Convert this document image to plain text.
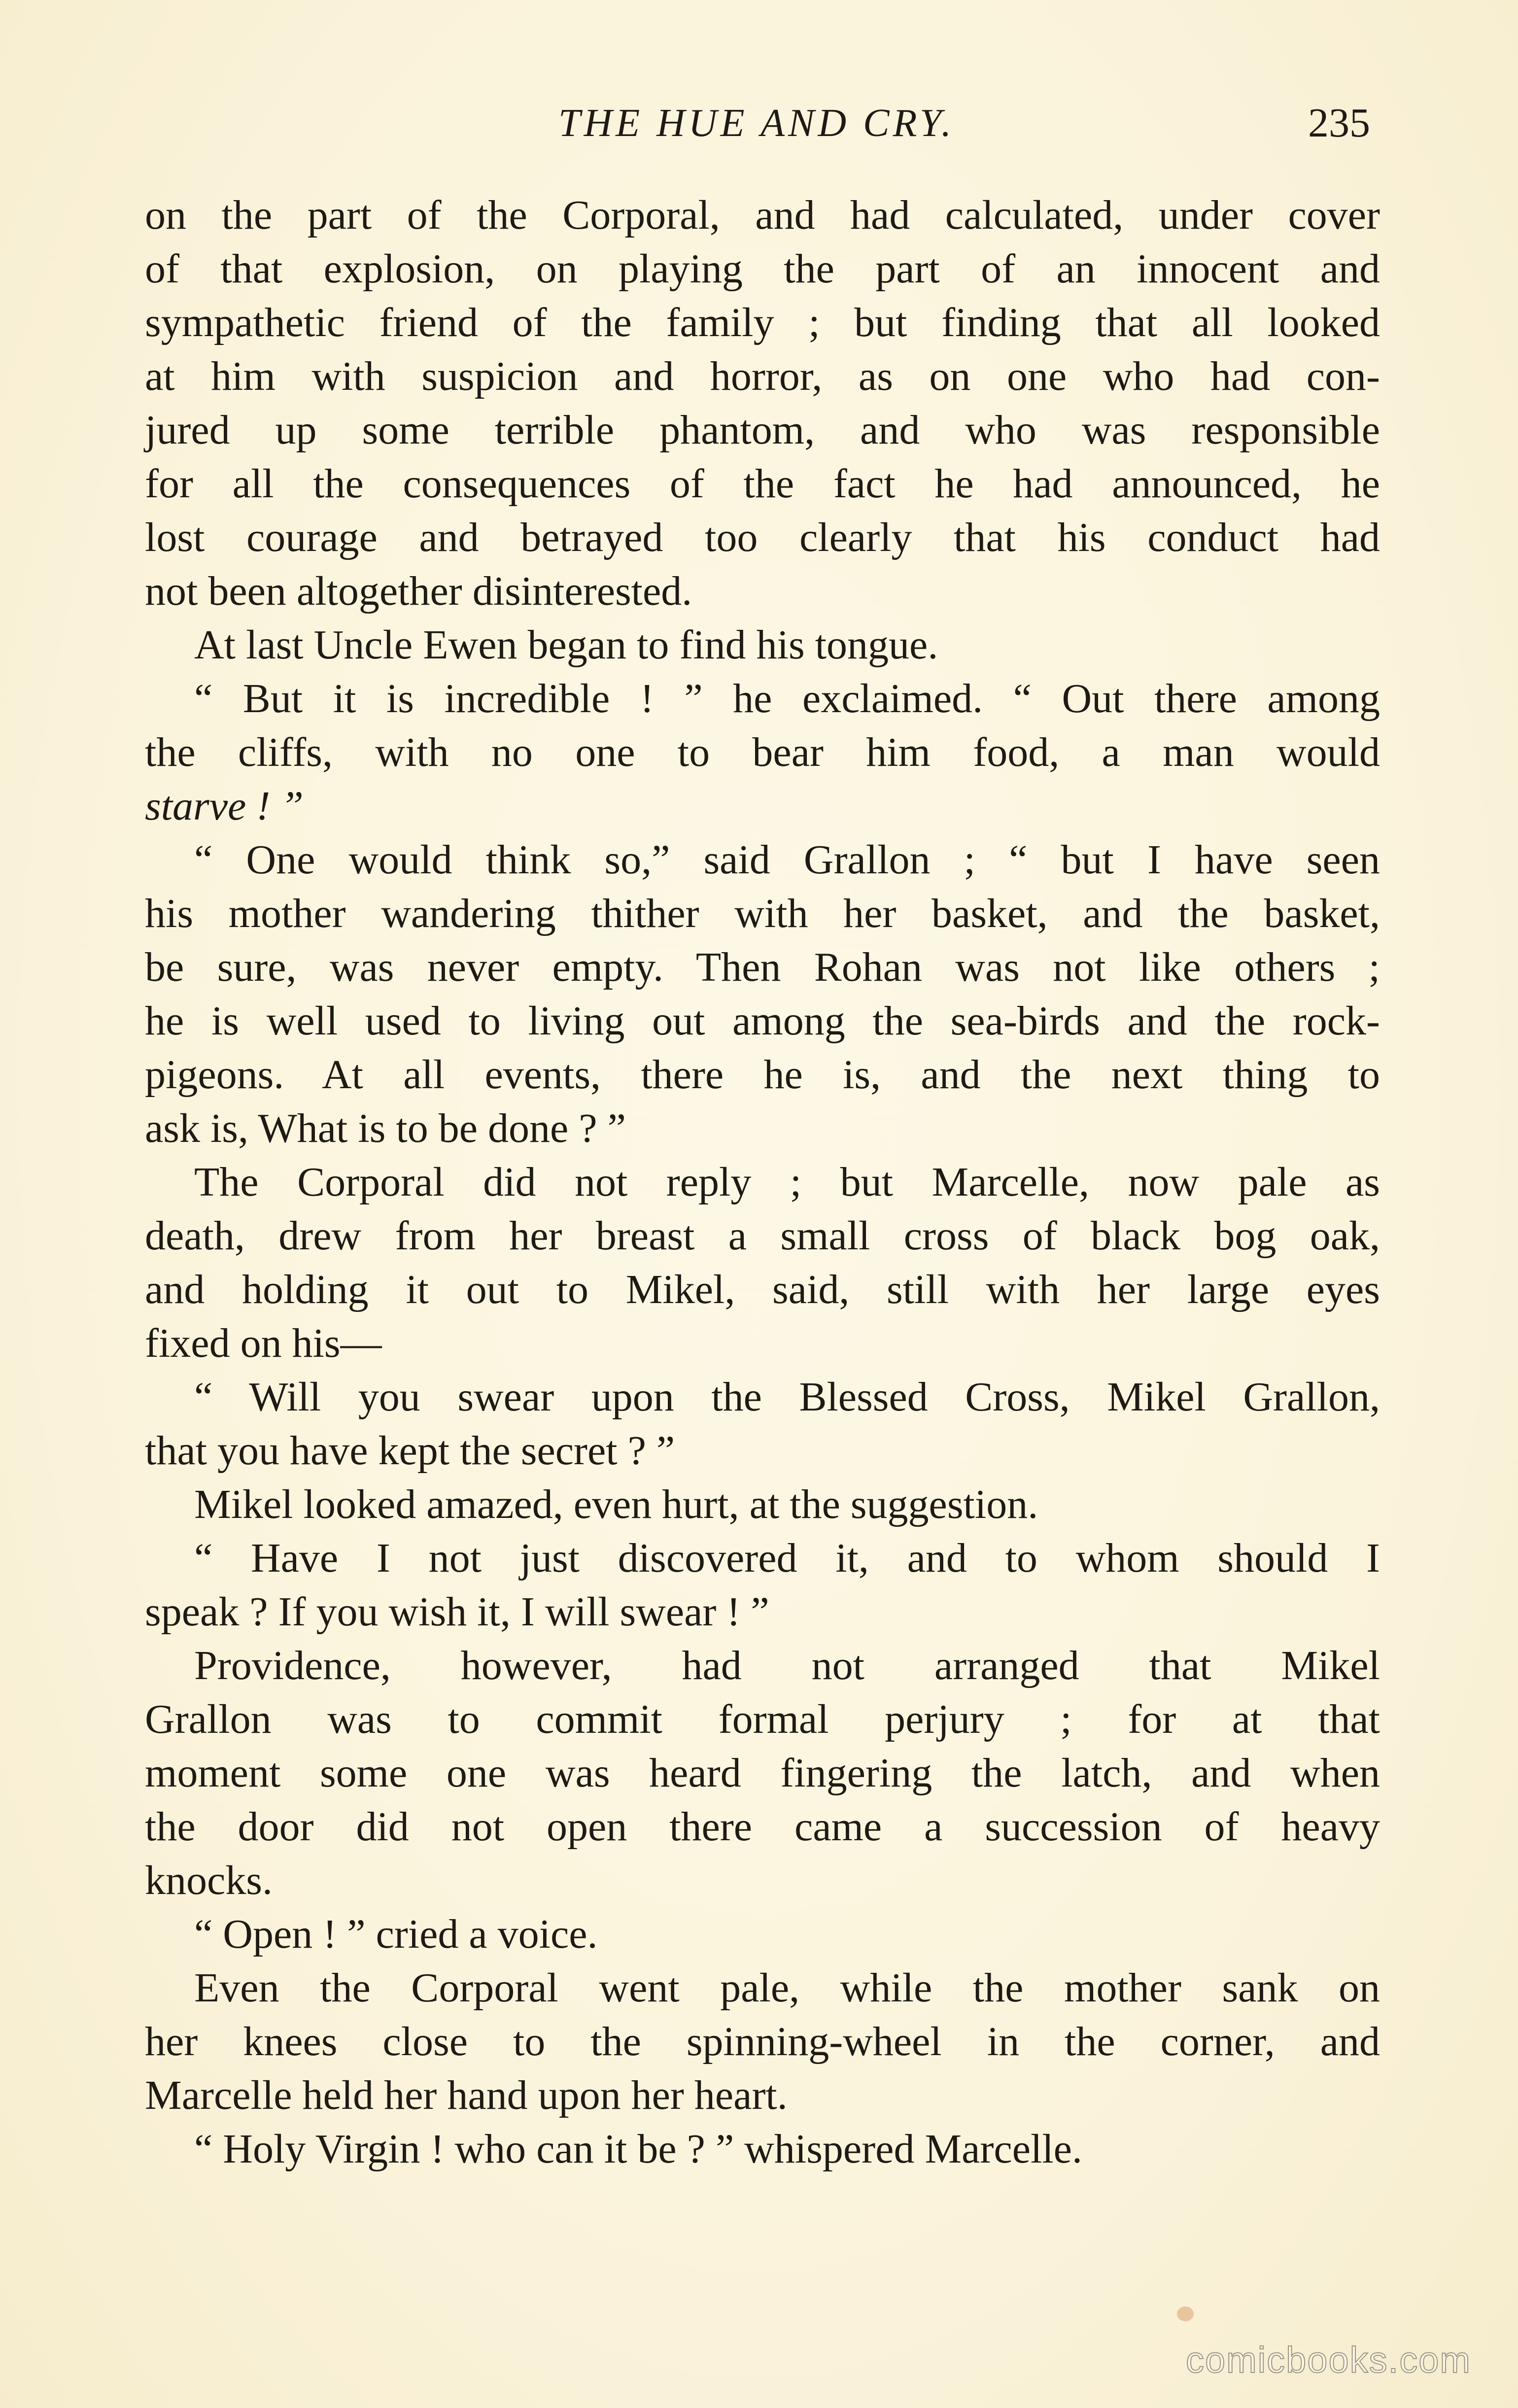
THE HUE AND CRY.	235
on the part of the Corporal, and had calculated, under cover
of that explosion, on playing the part of an innocent and
sympathetic friend of the family ; but finding that all looked
at him with suspicion and horror, as on one who had con-
jured up some terrible phantom, and who was responsible
for all the consequences of the fact he had announced, he
lost courage and betrayed too clearly that his conduct had
not been altogether disinterested.
At last Uncle Ewen began to find his tongue.
“ But it is incredible ! ” he exclaimed. “ Out there among
the cliffs, with no one to bear him food, a man would
starve ! ”
“ One would think so,” said Grallon ; “ but I have seen
his mother wandering thither with her basket, and the basket,
be sure, was never empty. Then Rohan was not like others ;
he is well used to living out among the sea-birds and the rock-
pigeons. At all events, there he is, and the next thing to
ask is, What is to be done ? ”
The Corporal did not reply ; but Marcelle, now pale as
death, drew from her breast a small cross of black bog oak,
and holding it out to Mikel, said, still with her large eyes
fixed on his—
“ Will you swear upon the Blessed Cross, Mikel Grallon,
that you have kept the secret ? ”
Mikel looked amazed, even hurt, at the suggestion.
“ Have I not just discovered it, and to whom should I
speak ? If you wish it, I will swear ! ”
Providence, however, had not arranged that Mikel
Grallon was to commit formal perjury ; for at that
moment some one was heard fingering the latch, and when
the door did not open there came a succession of heavy
knocks.
“ Open ! ” cried a voice.
Even the Corporal went pale, while the mother sank on
her knees close to the spinning-wheel in the corner, and
Marcelle held her hand upon her heart.
“ Holy Virgin ! who can it be ? ” whispered Marcelle.
comicbooks.com
